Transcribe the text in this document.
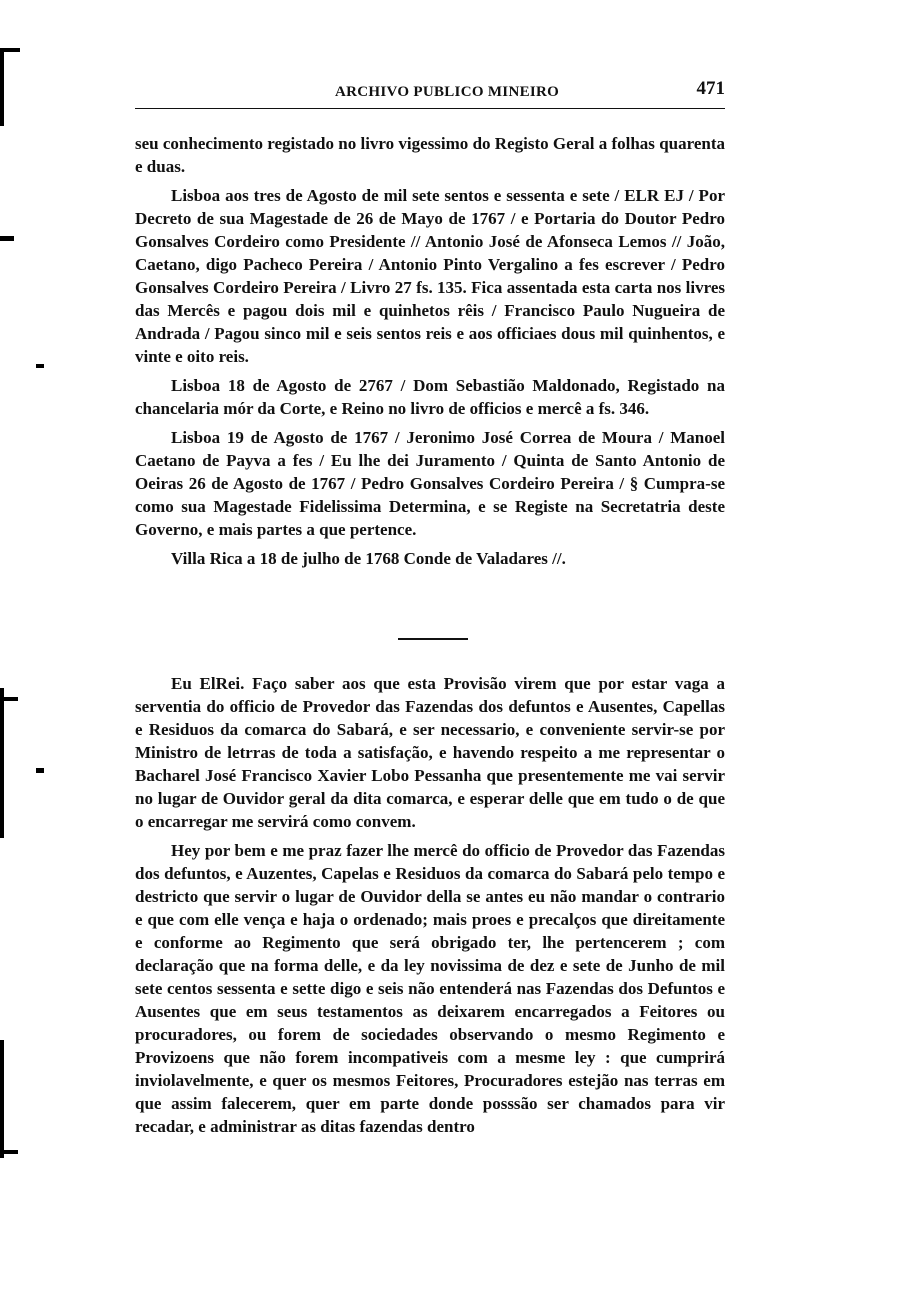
ARCHIVO PUBLICO MINEIRO	471

seu conhecimento registado no livro vigessimo do Registo Geral a folhas quarenta e duas.

Lisboa aos tres de Agosto de mil sete sentos e sessenta e sete / ELR EJ / Por Decreto de sua Magestade de 26 de Mayo de 1767 / e Portaria do Doutor Pedro Gonsalves Cordeiro como Presidente // Antonio José de Afonseca Lemos // João, Caetano, digo Pacheco Pereira / Antonio Pinto Vergalino a fes escrever / Pedro Gonsalves Cordeiro Pereira / Livro 27 fs. 135. Fica assentada esta carta nos livres das Mercês e pagou dois mil e quinhetos rêis / Francisco Paulo Nugueira de Andrada / Pagou sinco mil e seis sentos reis e aos officiaes dous mil quinhentos, e vinte e oito reis.

Lisboa 18 de Agosto de 2767 / Dom Sebastião Maldonado, Registado na chancelaria mór da Corte, e Reino no livro de officios e mercê a fs. 346.

Lisboa 19 de Agosto de 1767 / Jeronimo José Correa de Moura / Manoel Caetano de Payva a fes / Eu lhe dei Juramento / Quinta de Santo Antonio de Oeiras 26 de Agosto de 1767 / Pedro Gonsalves Cordeiro Pereira / § Cumpra-se como sua Magestade Fidelissima Determina, e se Registe na Secretatria deste Governo, e mais partes a que pertence.

Villa Rica a 18 de julho de 1768 Conde de Valadares //.

Eu ElRei. Faço saber aos que esta Provisão virem que por estar vaga a serventia do officio de Provedor das Fazendas dos defuntos e Ausentes, Capellas e Residuos da comarca do Sabará, e ser necessario, e conveniente servir-se por Ministro de letrras de toda a satisfação, e havendo respeito a me representar o Bacharel José Francisco Xavier Lobo Pessanha que presentemente me vai servir no lugar de Ouvidor geral da dita comarca, e esperar delle que em tudo o de que o encarregar me servirá como convem.

Hey por bem e me praz fazer lhe mercê do officio de Provedor das Fazendas dos defuntos, e Auzentes, Capelas e Residuos da comarca do Sabará pelo tempo e destricto que servir o lugar de Ouvidor della se antes eu não mandar o contrario e que com elle vença e haja o ordenado; mais proes e precalços que direitamente e conforme ao Regimento que será obrigado ter, lhe pertencerem ; com declaração que na forma delle, e da ley novissima de dez e sete de Junho de mil sete centos sessenta e sette digo e seis não entenderá nas Fazendas dos Defuntos e Ausentes que em seus testamentos as deixarem encarregados a Feitores ou procuradores, ou forem de sociedades observando o mesmo Regimento e Provizoens que não forem incompativeis com a mesme ley : que cumprirá inviolavelmente, e quer os mesmos Feitores, Procuradores estejão nas terras em que assim falecerem, quer em parte donde posssão ser chamados para vir recadar, e administrar as ditas fazendas dentro
